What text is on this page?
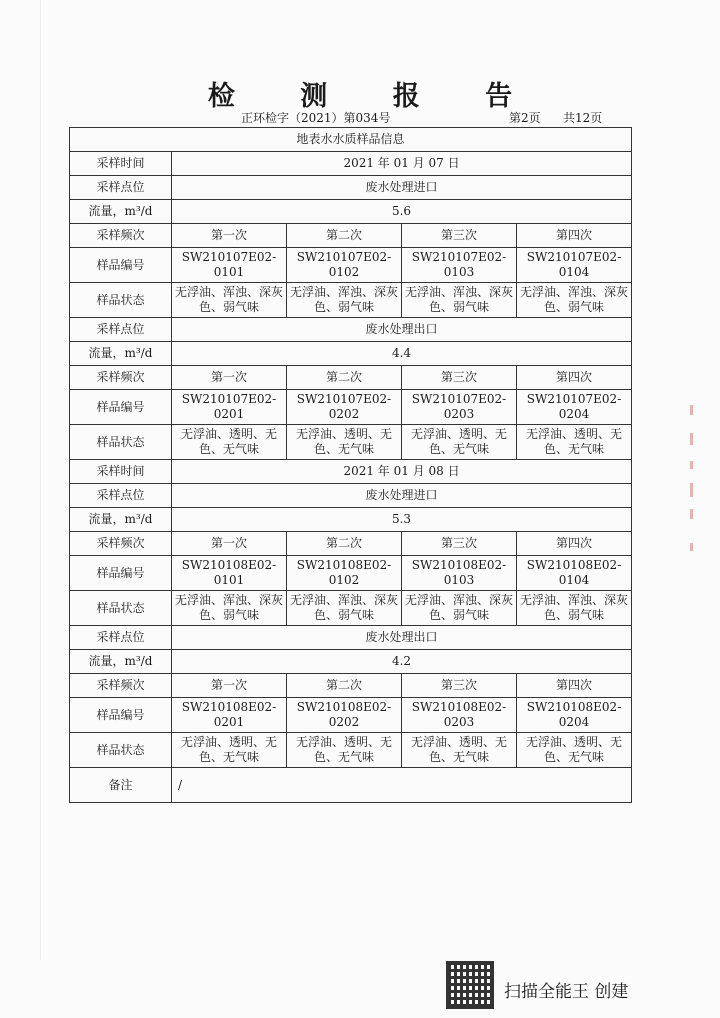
检 测 报 告
正环检字（2021）第034号	第2页 共12页
地表水水质样品信息				
采样时间	2021 年 01 月 07 日			
采样点位	废水处理进口			
流量，m³/d	5.6			
采样频次	第一次	第二次	第三次	第四次
样品编号	SW210107E02-0101	SW210107E02-0102	SW210107E02-0103	SW210107E02-0104
样品状态	无浮油、浑浊、深灰色、弱气味	无浮油、浑浊、深灰色、弱气味	无浮油、浑浊、深灰色、弱气味	无浮油、浑浊、深灰色、弱气味
采样点位	废水处理出口			
流量，m³/d	4.4			
采样频次	第一次	第二次	第三次	第四次
样品编号	SW210107E02-0201	SW210107E02-0202	SW210107E02-0203	SW210107E02-0204
样品状态	无浮油、透明、无色、无气味	无浮油、透明、无色、无气味	无浮油、透明、无色、无气味	无浮油、透明、无色、无气味
采样时间	2021 年 01 月 08 日			
采样点位	废水处理进口			
流量，m³/d	5.3			
采样频次	第一次	第二次	第三次	第四次
样品编号	SW210108E02-0101	SW210108E02-0102	SW210108E02-0103	SW210108E02-0104
样品状态	无浮油、浑浊、深灰色、弱气味	无浮油、浑浊、深灰色、弱气味	无浮油、浑浊、深灰色、弱气味	无浮油、浑浊、深灰色、弱气味
采样点位	废水处理出口			
流量，m³/d	4.2			
采样频次	第一次	第二次	第三次	第四次
样品编号	SW210108E02-0201	SW210108E02-0202	SW210108E02-0203	SW210108E02-0204
样品状态	无浮油、透明、无色、无气味	无浮油、透明、无色、无气味	无浮油、透明、无色、无气味	无浮油、透明、无色、无气味
备注	/			
扫描全能王 创建
